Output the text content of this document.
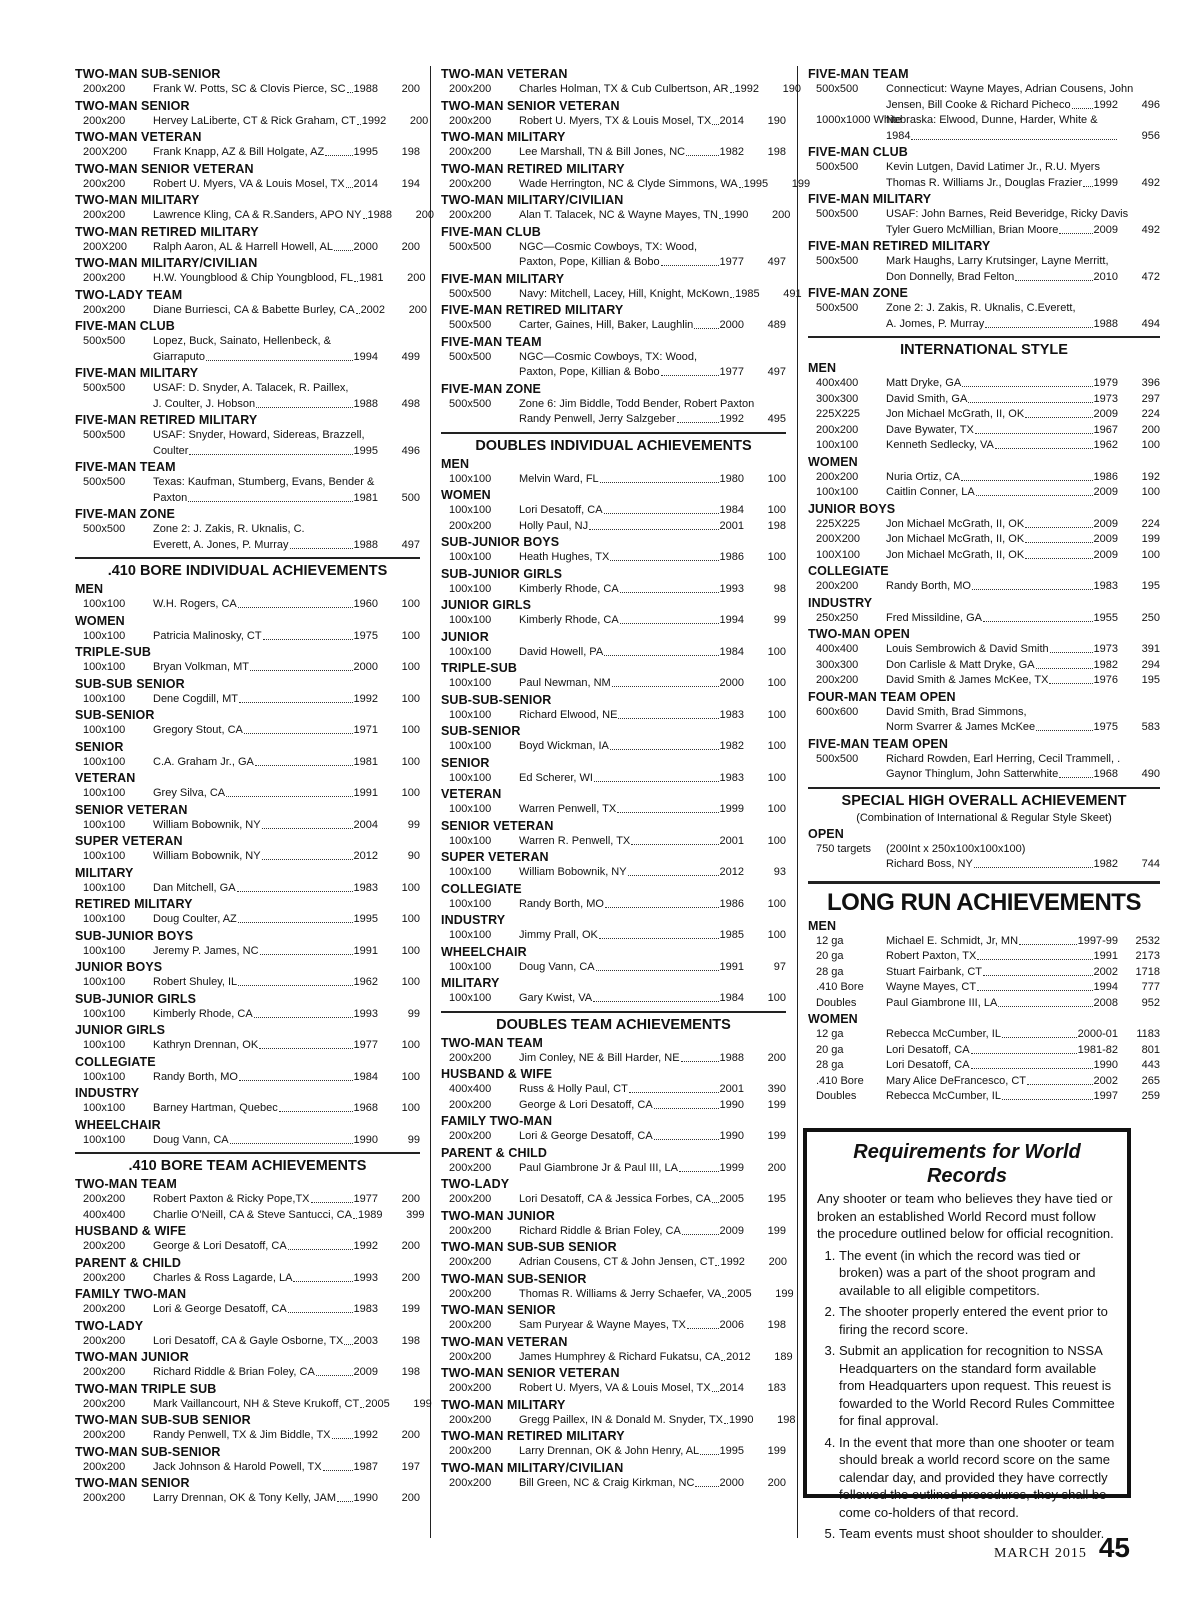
TWO-MAN SUB-SENIOR
200x200	Frank W. Potts, SC & Clovis Pierce, SC 1988	200
TWO-MAN SENIOR
200x200	Hervey LaLiberte, CT & Rick Graham, CT 1992	200
TWO-MAN VETERAN
200X200	Frank Knapp, AZ & Bill Holgate, AZ	1995	198
TWO-MAN SENIOR VETERAN
200x200	Robert U. Myers, VA & Louis Mosel, TX 2014	194
TWO-MAN MILITARY
200x200	Lawrence Kling, CA & R.Sanders, APO NY 1988	200
TWO-MAN RETIRED MILITARY
200X200	Ralph Aaron, AL & Harrell Howell, AL 2000	200
TWO-MAN MILITARY/CIVILIAN
200x200	H.W. Youngblood & Chip Youngblood, FL 1981	200
TWO-LADY TEAM
200x200	Diane Burriesci, CA & Babette Burley, CA 2002	200
FIVE-MAN CLUB
500x500	Lopez, Buck, Sainato, Hellenbeck, &
Giarraputo	1994	499
FIVE-MAN MILITARY
500x500	USAF: D. Snyder, A. Talacek, R. Paillex,
J. Coulter, J. Hobson	1988	498
FIVE-MAN RETIRED MILITARY
500x500	USAF: Snyder, Howard, Sidereas, Brazzell,
Coulter	1995	496
FIVE-MAN TEAM
500x500	Texas: Kaufman, Stumberg, Evans, Bender &
Paxton	1981	500
FIVE-MAN ZONE
500x500	Zone 2: J. Zakis, R. Uknalis, C.
Everett, A. Jones, P. Murray	1988	497
.410 BORE INDIVIDUAL ACHIEVEMENTS
MEN
100x100	W.H. Rogers, CA	1960	100
WOMEN
100x100	Patricia Malinosky, CT	1975	100
TRIPLE-SUB
100x100	Bryan Volkman, MT	2000	100
SUB-SUB SENIOR
100x100	Dene Cogdill, MT	1992	100
SUB-SENIOR
100x100	Gregory Stout, CA	1971	100
SENIOR
100x100	C.A. Graham Jr., GA	1981	100
VETERAN
100x100	Grey Silva, CA	1991	100
SENIOR VETERAN
100x100	William Bobownik, NY	2004	99
SUPER VETERAN
100x100	William Bobownik, NY	2012	90
MILITARY
100x100	Dan Mitchell, GA	1983	100
RETIRED MILITARY
100x100	Doug Coulter, AZ	1995	100
SUB-JUNIOR BOYS
100x100	Jeremy P. James, NC	1991	100
JUNIOR BOYS
100x100	Robert Shuley, IL	1962	100
SUB-JUNIOR GIRLS
100x100	Kimberly Rhode, CA	1993	99
JUNIOR GIRLS
100x100	Kathryn Drennan, OK	1977	100
COLLEGIATE
100x100	Randy Borth, MO	1984	100
INDUSTRY
100x100	Barney Hartman, Quebec	1968	100
WHEELCHAIR
100x100	Doug Vann, CA	1990	99
.410 BORE TEAM ACHIEVEMENTS
TWO-MAN TEAM
200x200	Robert Paxton & Ricky Pope,TX	1977	200
400x400	Charlie O'Neill, CA & Steve Santucci, CA 1989	399
HUSBAND & WIFE
200x200	George & Lori Desatoff, CA	1992	200
PARENT & CHILD
200x200	Charles & Ross Lagarde, LA	1993	200
FAMILY TWO-MAN
200x200	Lori & George Desatoff, CA	1983	199
TWO-LADY
200x200	Lori Desatoff, CA & Gayle Osborne, TX 2003	198
TWO-MAN JUNIOR
200x200	Richard Riddle & Brian Foley, CA	2009	198
TWO-MAN TRIPLE SUB
200x200	Mark Vaillancourt, NH & Steve Krukoff, CT 2005	199
TWO-MAN SUB-SUB SENIOR
200x200	Randy Penwell, TX & Jim Biddle, TX 1992	200
TWO-MAN SUB-SENIOR
200x200	Jack Johnson & Harold Powell, TX	1987	197
TWO-MAN SENIOR
200x200	Larry Drennan, OK & Tony Kelly, JAM 1990	200
TWO-MAN VETERAN
200x200	Charles Holman, TX & Cub Culbertson, AR 1992	190
TWO-MAN SENIOR VETERAN
200x200	Robert U. Myers, TX & Louis Mosel, TX 2014	190
TWO-MAN MILITARY
200x200	Lee Marshall, TN & Bill Jones, NC	1982	198
TWO-MAN RETIRED MILITARY
200x200	Wade Herrington, NC & Clyde Simmons, WA 1995	199
TWO-MAN MILITARY/CIVILIAN
200x200	Alan T. Talacek, NC & Wayne Mayes, TN 1990	200
FIVE-MAN CLUB
500x500	NGC—Cosmic Cowboys, TX: Wood,
Paxton, Pope, Killian & Bobo	1977	497
FIVE-MAN MILITARY
500x500	Navy: Mitchell, Lacey, Hill, Knight, McKown 1985	491
FIVE-MAN RETIRED MILITARY
500x500	Carter, Gaines, Hill, Baker, Laughlin 2000	489
FIVE-MAN TEAM
500x500	NGC—Cosmic Cowboys, TX: Wood,
Paxton, Pope, Killian & Bobo	1977	497
FIVE-MAN ZONE
500x500	Zone 6: Jim Biddle, Todd Bender, Robert Paxton
Randy Penwell, Jerry Salzgeber	1992	495
DOUBLES INDIVIDUAL ACHIEVEMENTS
MEN
100x100	Melvin Ward, FL	1980	100
WOMEN
100x100	Lori Desatoff, CA	1984	100
200x200	Holly Paul, NJ	2001	198
SUB-JUNIOR BOYS
100x100	Heath Hughes, TX	1986	100
SUB-JUNIOR GIRLS
100x100	Kimberly Rhode, CA	1993	98
JUNIOR GIRLS
100x100	Kimberly Rhode, CA	1994	99
JUNIOR
100x100	David Howell, PA	1984	100
TRIPLE-SUB
100x100	Paul Newman, NM	2000	100
SUB-SUB-SENIOR
100x100	Richard Elwood, NE	1983	100
SUB-SENIOR
100x100	Boyd Wickman, IA	1982	100
SENIOR
100x100	Ed Scherer, WI	1983	100
VETERAN
100x100	Warren Penwell, TX	1999	100
SENIOR VETERAN
100x100	Warren R. Penwell, TX	2001	100
SUPER VETERAN
100x100	William Bobownik, NY	2012	93
COLLEGIATE
100x100	Randy Borth, MO	1986	100
INDUSTRY
100x100	Jimmy Prall, OK	1985	100
WHEELCHAIR
100x100	Doug Vann, CA	1991	97
MILITARY
100x100	Gary Kwist, VA	1984	100
DOUBLES TEAM ACHIEVEMENTS
TWO-MAN TEAM
200x200	Jim Conley, NE & Bill Harder, NE	1988	200
HUSBAND & WIFE
400x400	Russ & Holly Paul, CT	2001	390
200x200	George & Lori Desatoff, CA	1990	199
FAMILY TWO-MAN
200x200	Lori & George Desatoff, CA	1990	199
PARENT & CHILD
200x200	Paul Giambrone Jr & Paul III, LA	1999	200
TWO-LADY
200x200	Lori Desatoff, CA & Jessica Forbes, CA 2005	195
TWO-MAN JUNIOR
200x200	Richard Riddle & Brian Foley, CA	2009	199
TWO-MAN SUB-SUB SENIOR
200x200	Adrian Cousens, CT & John Jensen, CT 1992	200
TWO-MAN SUB-SENIOR
200x200	Thomas R. Williams & Jerry Schaefer, VA 2005	199
TWO-MAN SENIOR
200x200	Sam Puryear & Wayne Mayes, TX	2006	198
TWO-MAN VETERAN
200x200	James Humphrey & Richard Fukatsu, CA 2012	189
TWO-MAN SENIOR VETERAN
200x200	Robert U. Myers, VA & Louis Mosel, TX 2014	183
TWO-MAN MILITARY
200x200	Gregg Paillex, IN & Donald M. Snyder, TX 1990	198
TWO-MAN RETIRED MILITARY
200x200	Larry Drennan, OK & John Henry, AL 1995	199
TWO-MAN MILITARY/CIVILIAN
200x200	Bill Green, NC & Craig Kirkman, NC 2000	200
FIVE-MAN TEAM
500x500	Connecticut: Wayne Mayes, Adrian Cousens, John
Jensen, Bill Cooke & Richard Picheco 1992	496
1000x1000 White
Nebraska: Elwood, Dunne, Harder, White &
1984	956
FIVE-MAN CLUB
500x500	Kevin Lutgen, David Latimer Jr., R.U. Myers
Thomas R. Williams Jr., Douglas Frazier 1999	492
FIVE-MAN MILITARY
500x500	USAF: John Barnes, Reid Beveridge, Ricky Davis
Tyler Guero McMillian, Brian Moore	2009	492
FIVE-MAN RETIRED MILITARY
500x500	Mark Haughs, Larry Krutsinger, Layne Merritt,
Don Donnelly, Brad Felton	2010	472
FIVE-MAN ZONE
500x500	Zone 2: J. Zakis, R. Uknalis, C.Everett,
A. Jomes, P. Murray	1988	494
INTERNATIONAL STYLE
MEN
400x400	Matt Dryke, GA	1979	396
300x300	David Smith, GA	1973	297
225X225	Jon Michael McGrath, II, OK	2009	224
200x200	Dave Bywater, TX	1967	200
100x100	Kenneth Sedlecky, VA	1962	100
WOMEN
200x200	Nuria Ortiz, CA	1986	192
100x100	Caitlin Conner, LA	2009	100
JUNIOR BOYS
225X225	Jon Michael McGrath, II, OK	2009	224
200X200	Jon Michael McGrath, II, OK	2009	199
100X100	Jon Michael McGrath, II, OK	2009	100
COLLEGIATE
200x200	Randy Borth, MO	1983	195
INDUSTRY
250x250	Fred Missildine, GA	1955	250
TWO-MAN OPEN
400x400	Louis Sembrowich & David Smith	1973	391
300x300	Don Carlisle & Matt Dryke, GA	1982	294
200x200	David Smith & James McKee, TX	1976	195
FOUR-MAN TEAM OPEN
600x600	David Smith, Brad Simmons,
Norm Svarrer & James McKee	1975	583
FIVE-MAN TEAM OPEN
500x500	Richard Rowden, Earl Herring, Cecil Trammell, .
Gaynor Thinglum, John Satterwhite	1968	490
SPECIAL HIGH OVERALL ACHIEVEMENT
(Combination of International & Regular Style Skeet)
OPEN
750 targets	(200Int x 250x100x100x100)
Richard Boss, NY	1982	744
LONG RUN ACHIEVEMENTS
MEN
12 ga	Michael E. Schmidt, Jr, MN	1997-99	2532
20 ga	Robert Paxton, TX	1991	2173
28 ga	Stuart Fairbank, CT	2002	1718
.410 Bore	Wayne Mayes, CT	1994	777
Doubles	Paul Giambrone III, LA	2008	952
WOMEN
12 ga	Rebecca McCumber, IL	2000-01	1183
20 ga	Lori Desatoff, CA	1981-82	801
28 ga	Lori Desatoff, CA	1990	443
.410 Bore	Mary Alice DeFrancesco, CT	2002	265
Doubles	Rebecca McCumber, IL	1997	259
Requirements for World Records
Any shooter or team who believes they have tied or broken an established World Record must follow the procedure outlined below for official recognition.
1. The event (in which the record was tied or broken) was a part of the shoot program and available to all eligible competitors.
2. The shooter properly entered the event prior to firing the record score.
3. Submit an application for recognition to NSSA Headquarters on the standard form available from Headquarters upon request. This reuest is fowarded to the World Record Rules Committee for final approval.
4. In the event that more than one shooter or team should break a world record score on the same calendar day, and provided they have correctly followed the outlined procedures, they shall be-come co-holders of that record.
5. Team events must shoot shoulder to shoulder.
MARCH 2015 45
